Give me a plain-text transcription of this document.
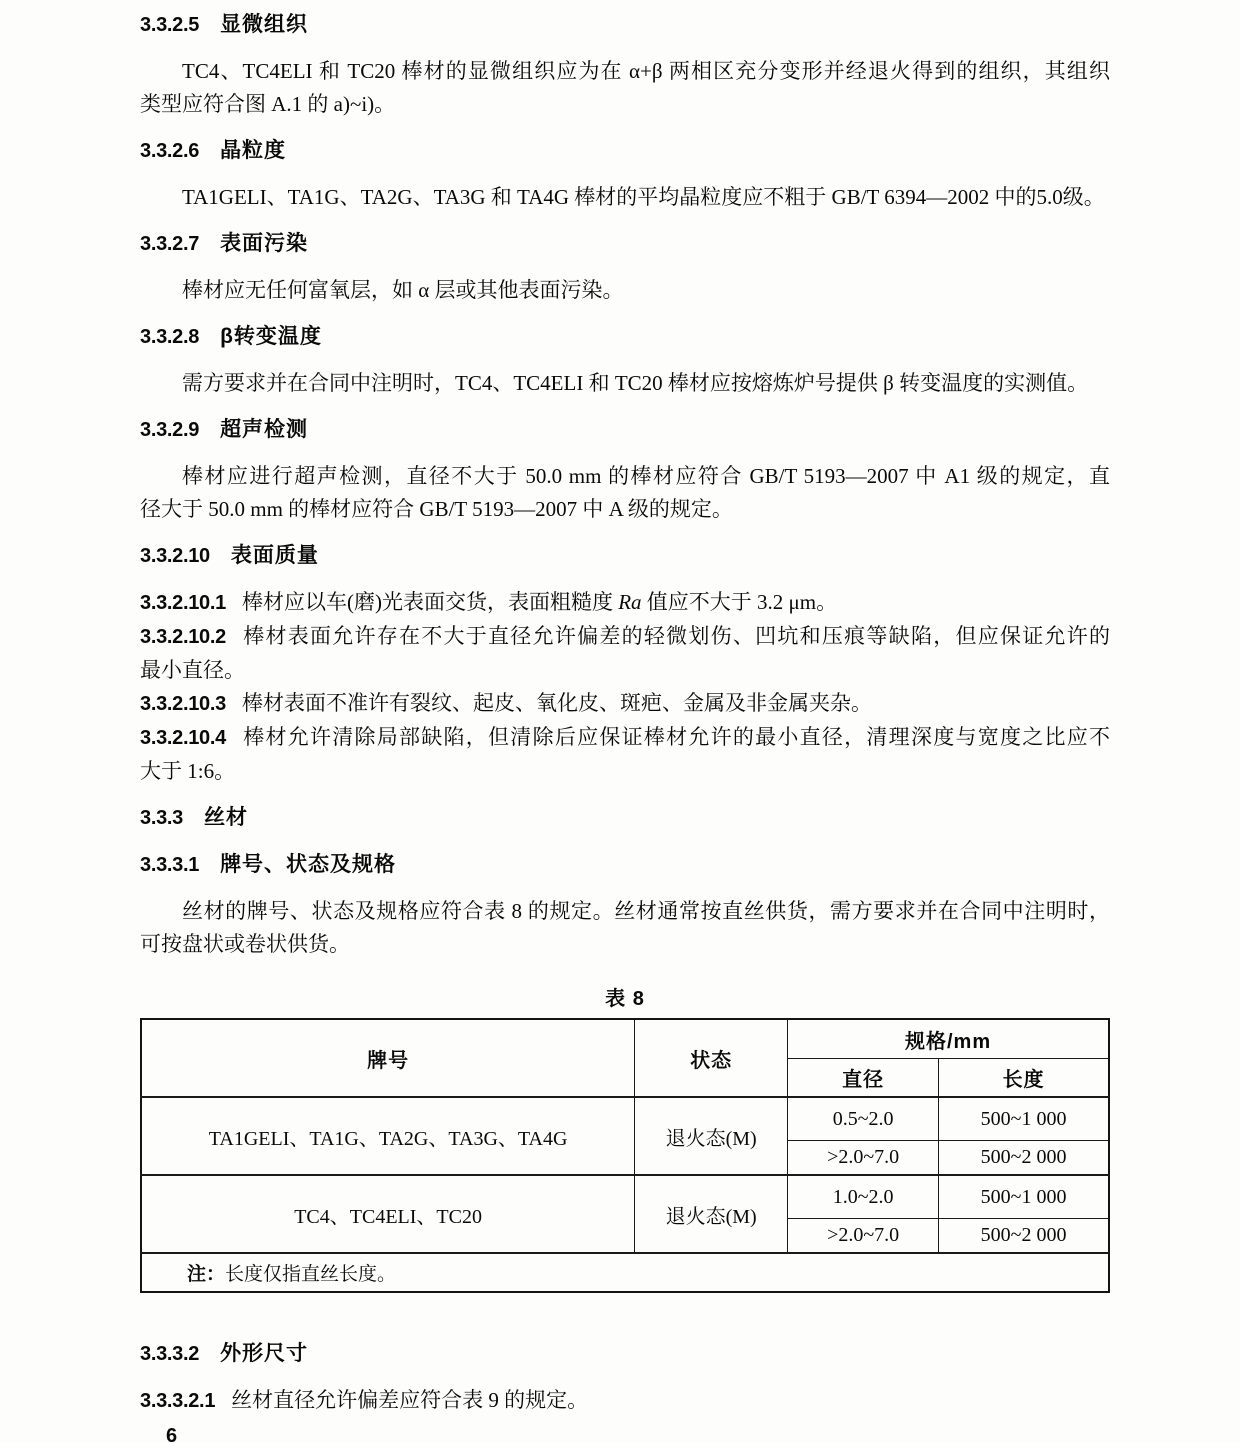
3.3.2.5 显微组织
TC4、TC4ELI 和 TC20 棒材的显微组织应为在 α+β 两相区充分变形并经退火得到的组织，其组织
类型应符合图 A.1 的 a)~i)。
3.3.2.6 晶粒度
TA1GELI、TA1G、TA2G、TA3G 和 TA4G 棒材的平均晶粒度应不粗于 GB/T 6394—2002 中的5.0级。
3.3.2.7 表面污染
棒材应无任何富氧层，如 α 层或其他表面污染。
3.3.2.8 β转变温度
需方要求并在合同中注明时，TC4、TC4ELI 和 TC20 棒材应按熔炼炉号提供 β 转变温度的实测值。
3.3.2.9 超声检测
棒材应进行超声检测，直径不大于 50.0 mm 的棒材应符合 GB/T 5193—2007 中 A1 级的规定，直
径大于 50.0 mm 的棒材应符合 GB/T 5193—2007 中 A 级的规定。
3.3.2.10 表面质量
3.3.2.10.1 棒材应以车(磨)光表面交货，表面粗糙度 Ra 值应不大于 3.2 μm。
3.3.2.10.2 棒材表面允许存在不大于直径允许偏差的轻微划伤、凹坑和压痕等缺陷，但应保证允许的
最小直径。
3.3.2.10.3 棒材表面不准许有裂纹、起皮、氧化皮、斑疤、金属及非金属夹杂。
3.3.2.10.4 棒材允许清除局部缺陷，但清除后应保证棒材允许的最小直径，清理深度与宽度之比应不
大于 1:6。
3.3.3 丝材
3.3.3.1 牌号、状态及规格
丝材的牌号、状态及规格应符合表 8 的规定。丝材通常按直丝供货，需方要求并在合同中注明时，
可按盘状或卷状供货。
表 8
牌号	状态	规格/mm	
		直径	长度
TA1GELI、TA1G、TA2G、TA3G、TA4G	退火态(M)	0.5~2.0	500~1 000
		>2.0~7.0	500~2 000
TC4、TC4ELI、TC20	退火态(M)	1.0~2.0	500~1 000
		>2.0~7.0	500~2 000
注：长度仅指直丝长度。			
3.3.3.2 外形尺寸
3.3.3.2.1 丝材直径允许偏差应符合表 9 的规定。
6
